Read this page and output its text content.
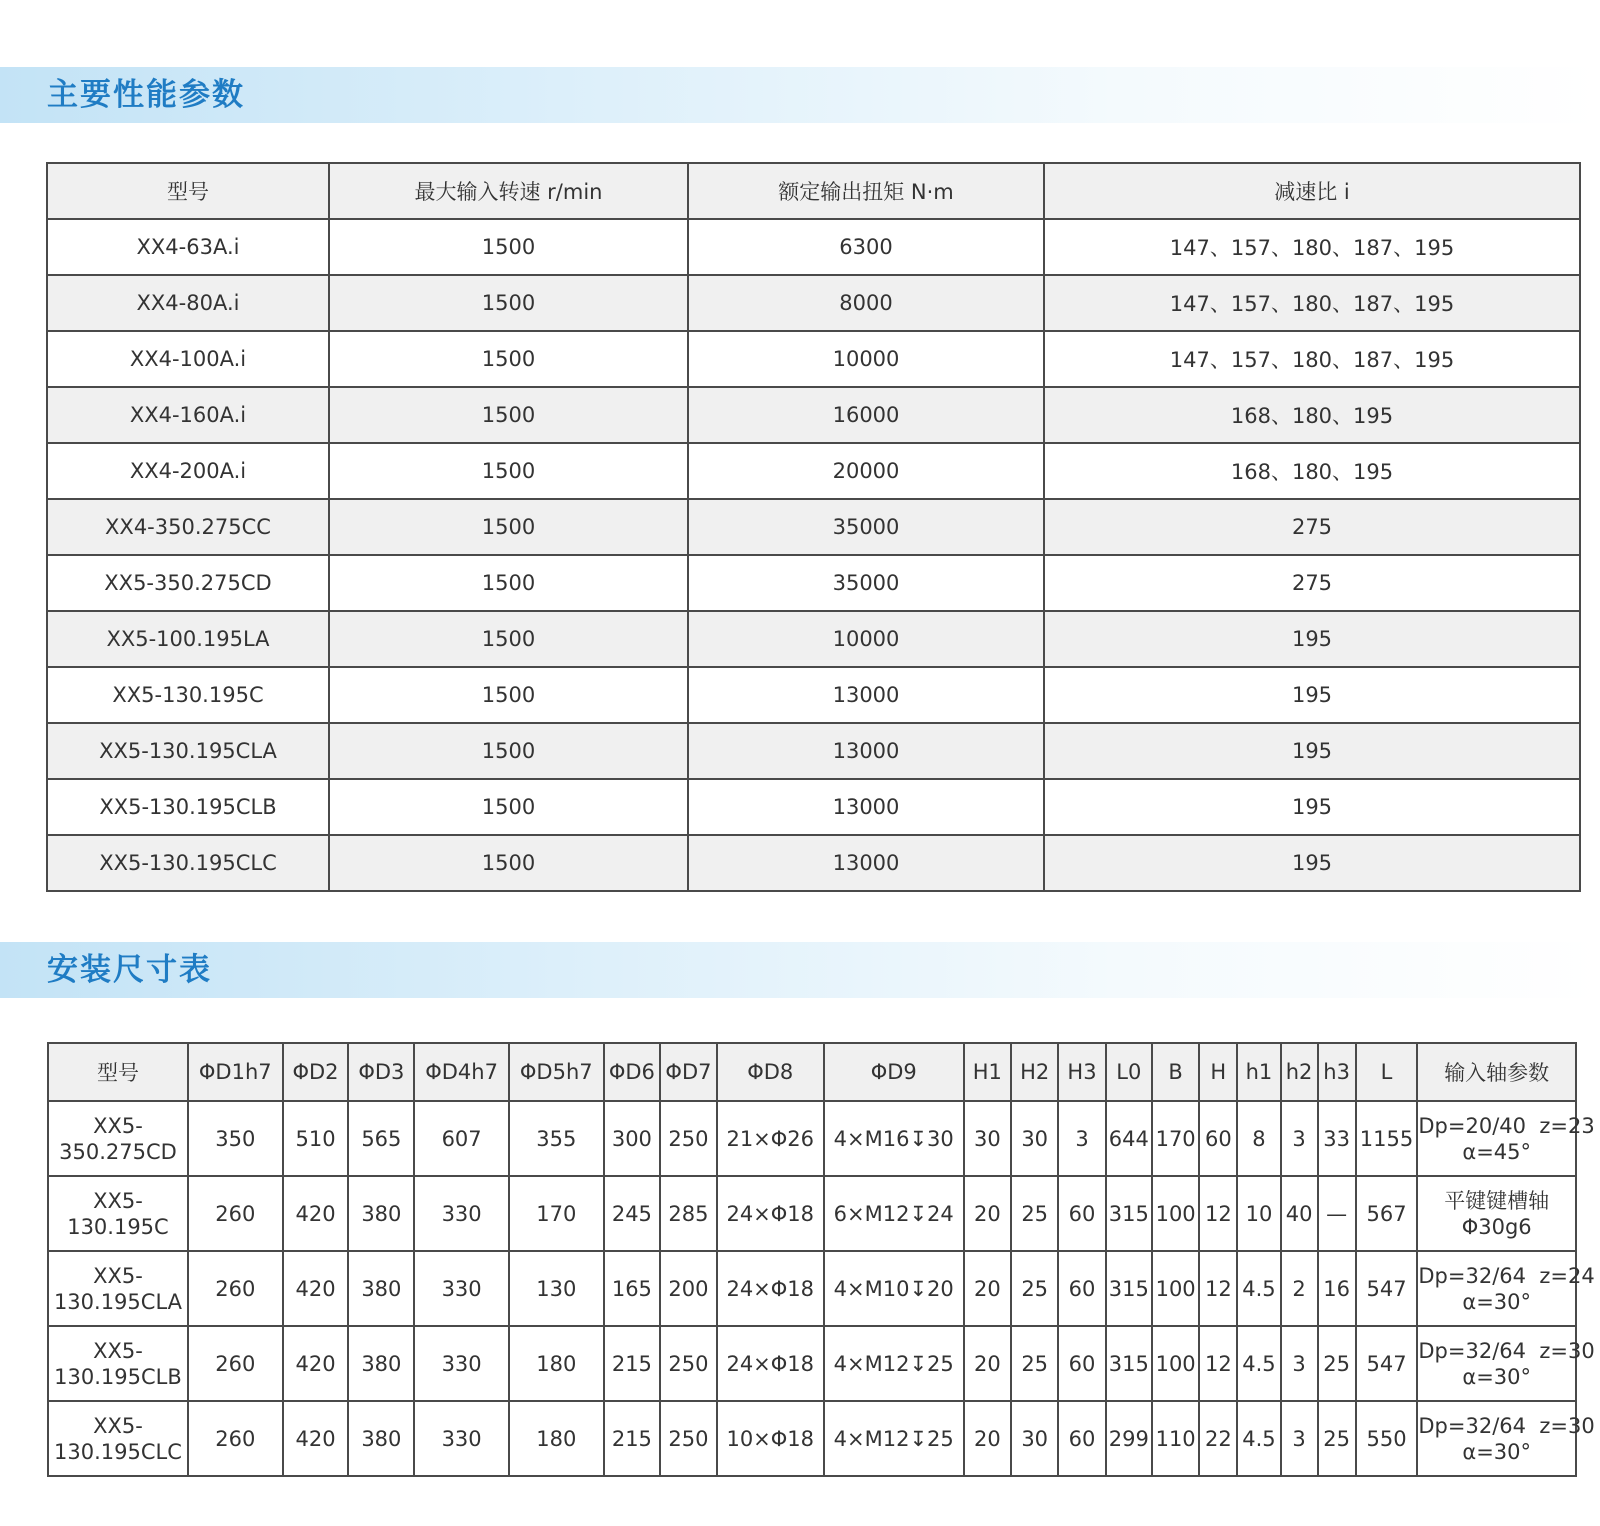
主要性能参数
型号	最大输入转速 r/min	额定输出扭矩 N·m	减速比 i
XX4-63A.i	1500	6300	147、157、180、187、195
XX4-80A.i	1500	8000	147、157、180、187、195
XX4-100A.i	1500	10000	147、157、180、187、195
XX4-160A.i	1500	16000	168、180、195
XX4-200A.i	1500	20000	168、180、195
XX4-350.275CC	1500	35000	275
XX5-350.275CD	1500	35000	275
XX5-100.195LA	1500	10000	195
XX5-130.195C	1500	13000	195
XX5-130.195CLA	1500	13000	195
XX5-130.195CLB	1500	13000	195
XX5-130.195CLC	1500	13000	195
安装尺寸表
型号	ΦD1h7	ΦD2	ΦD3	ΦD4h7	ΦD5h7	ΦD6	ΦD7	ΦD8	ΦD9	H1	H2	H3	L0	B	H	h1	h2	h3	L	输入轴参数

XX5-
350.275CD	350	510	565	607	355	300	250	21×Φ26	4×M16↧30	30	30	3	644	170	60	8	3	33	1155	Dp=20/40  z=23
α=45°

XX5-
130.195C	260	420	380	330	170	245	285	24×Φ18	6×M12↧24	20	25	60	315	100	12	10	40	—	567	平键键槽轴
Φ30g6

XX5-
130.195CLA	260	420	380	330	130	165	200	24×Φ18	4×M10↧20	20	25	60	315	100	12	4.5	2	16	547	Dp=32/64  z=24
α=30°

XX5-
130.195CLB	260	420	380	330	180	215	250	24×Φ18	4×M12↧25	20	25	60	315	100	12	4.5	3	25	547	Dp=32/64  z=30
α=30°

XX5-
130.195CLC	260	420	380	330	180	215	250	10×Φ18	4×M12↧25	20	30	60	299	110	22	4.5	3	25	550	Dp=32/64  z=30
α=30°
